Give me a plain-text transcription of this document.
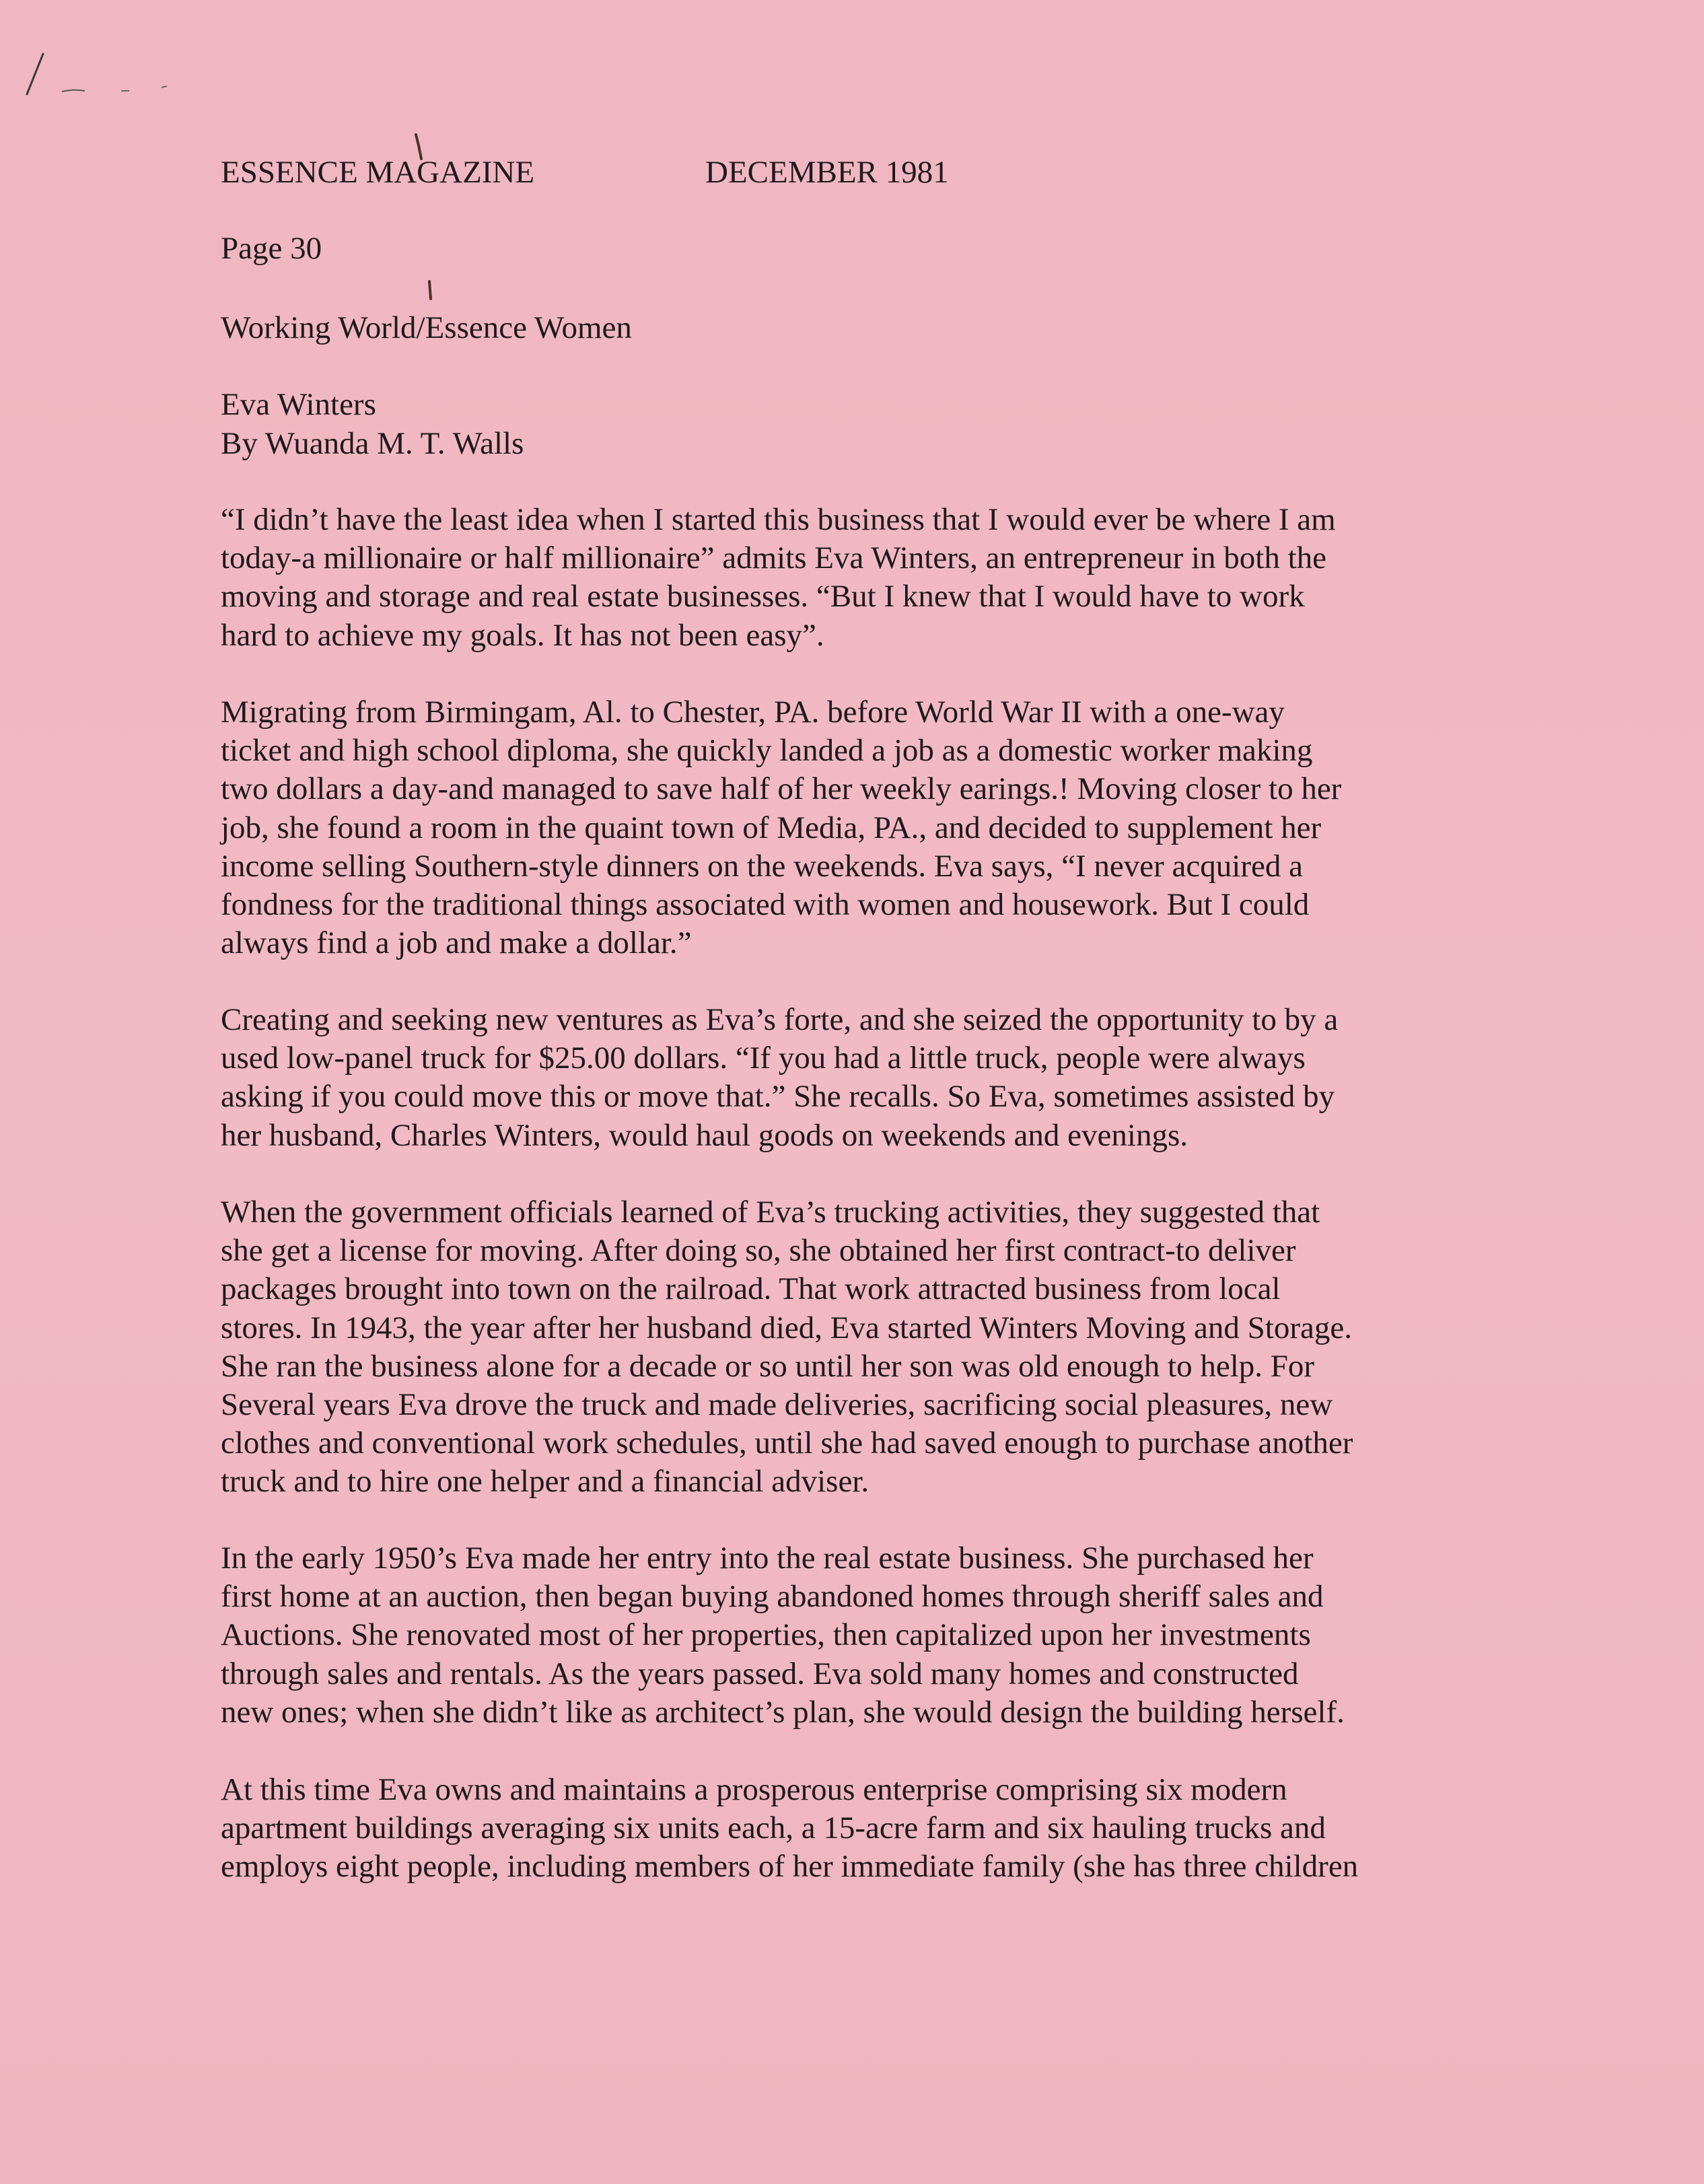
ESSENCE MAGAZINE	DECEMBER 1981
Page 30
Working World/Essence Women
Eva Winters
By Wuanda M. T. Walls
“I didn’t have the least idea when I started this business that I would ever be where I am
today-a millionaire or half millionaire” admits Eva Winters, an entrepreneur in both the
moving and storage and real estate businesses. “But I knew that I would have to work
hard to achieve my goals. It has not been easy”.
Migrating from Birmingam, Al. to Chester, PA. before World War II with a one-way
ticket and high school diploma, she quickly landed a job as a domestic worker making
two dollars a day-and managed to save half of her weekly earings.! Moving closer to her
job, she found a room in the quaint town of Media, PA., and decided to supplement her
income selling Southern-style dinners on the weekends. Eva says, “I never acquired a
fondness for the traditional things associated with women and housework. But I could
always find a job and make a dollar.”
Creating and seeking new ventures as Eva’s forte, and she seized the opportunity to by a
used low-panel truck for $25.00 dollars. “If you had a little truck, people were always
asking if you could move this or move that.” She recalls. So Eva, sometimes assisted by
her husband, Charles Winters, would haul goods on weekends and evenings.
When the government officials learned of Eva’s trucking activities, they suggested that
she get a license for moving. After doing so, she obtained her first contract-to deliver
packages brought into town on the railroad. That work attracted business from local
stores. In 1943, the year after her husband died, Eva started Winters Moving and Storage.
She ran the business alone for a decade or so until her son was old enough to help. For
Several years Eva drove the truck and made deliveries, sacrificing social pleasures, new
clothes and conventional work schedules, until she had saved enough to purchase another
truck and to hire one helper and a financial adviser.
In the early 1950’s Eva made her entry into the real estate business. She purchased her
first home at an auction, then began buying abandoned homes through sheriff sales and
Auctions. She renovated most of her properties, then capitalized upon her investments
through sales and rentals. As the years passed. Eva sold many homes and constructed
new ones; when she didn’t like as architect’s plan, she would design the building herself.
At this time Eva owns and maintains a prosperous enterprise comprising six modern
apartment buildings averaging six units each, a 15-acre farm and six hauling trucks and
employs eight people, including members of her immediate family (she has three children
